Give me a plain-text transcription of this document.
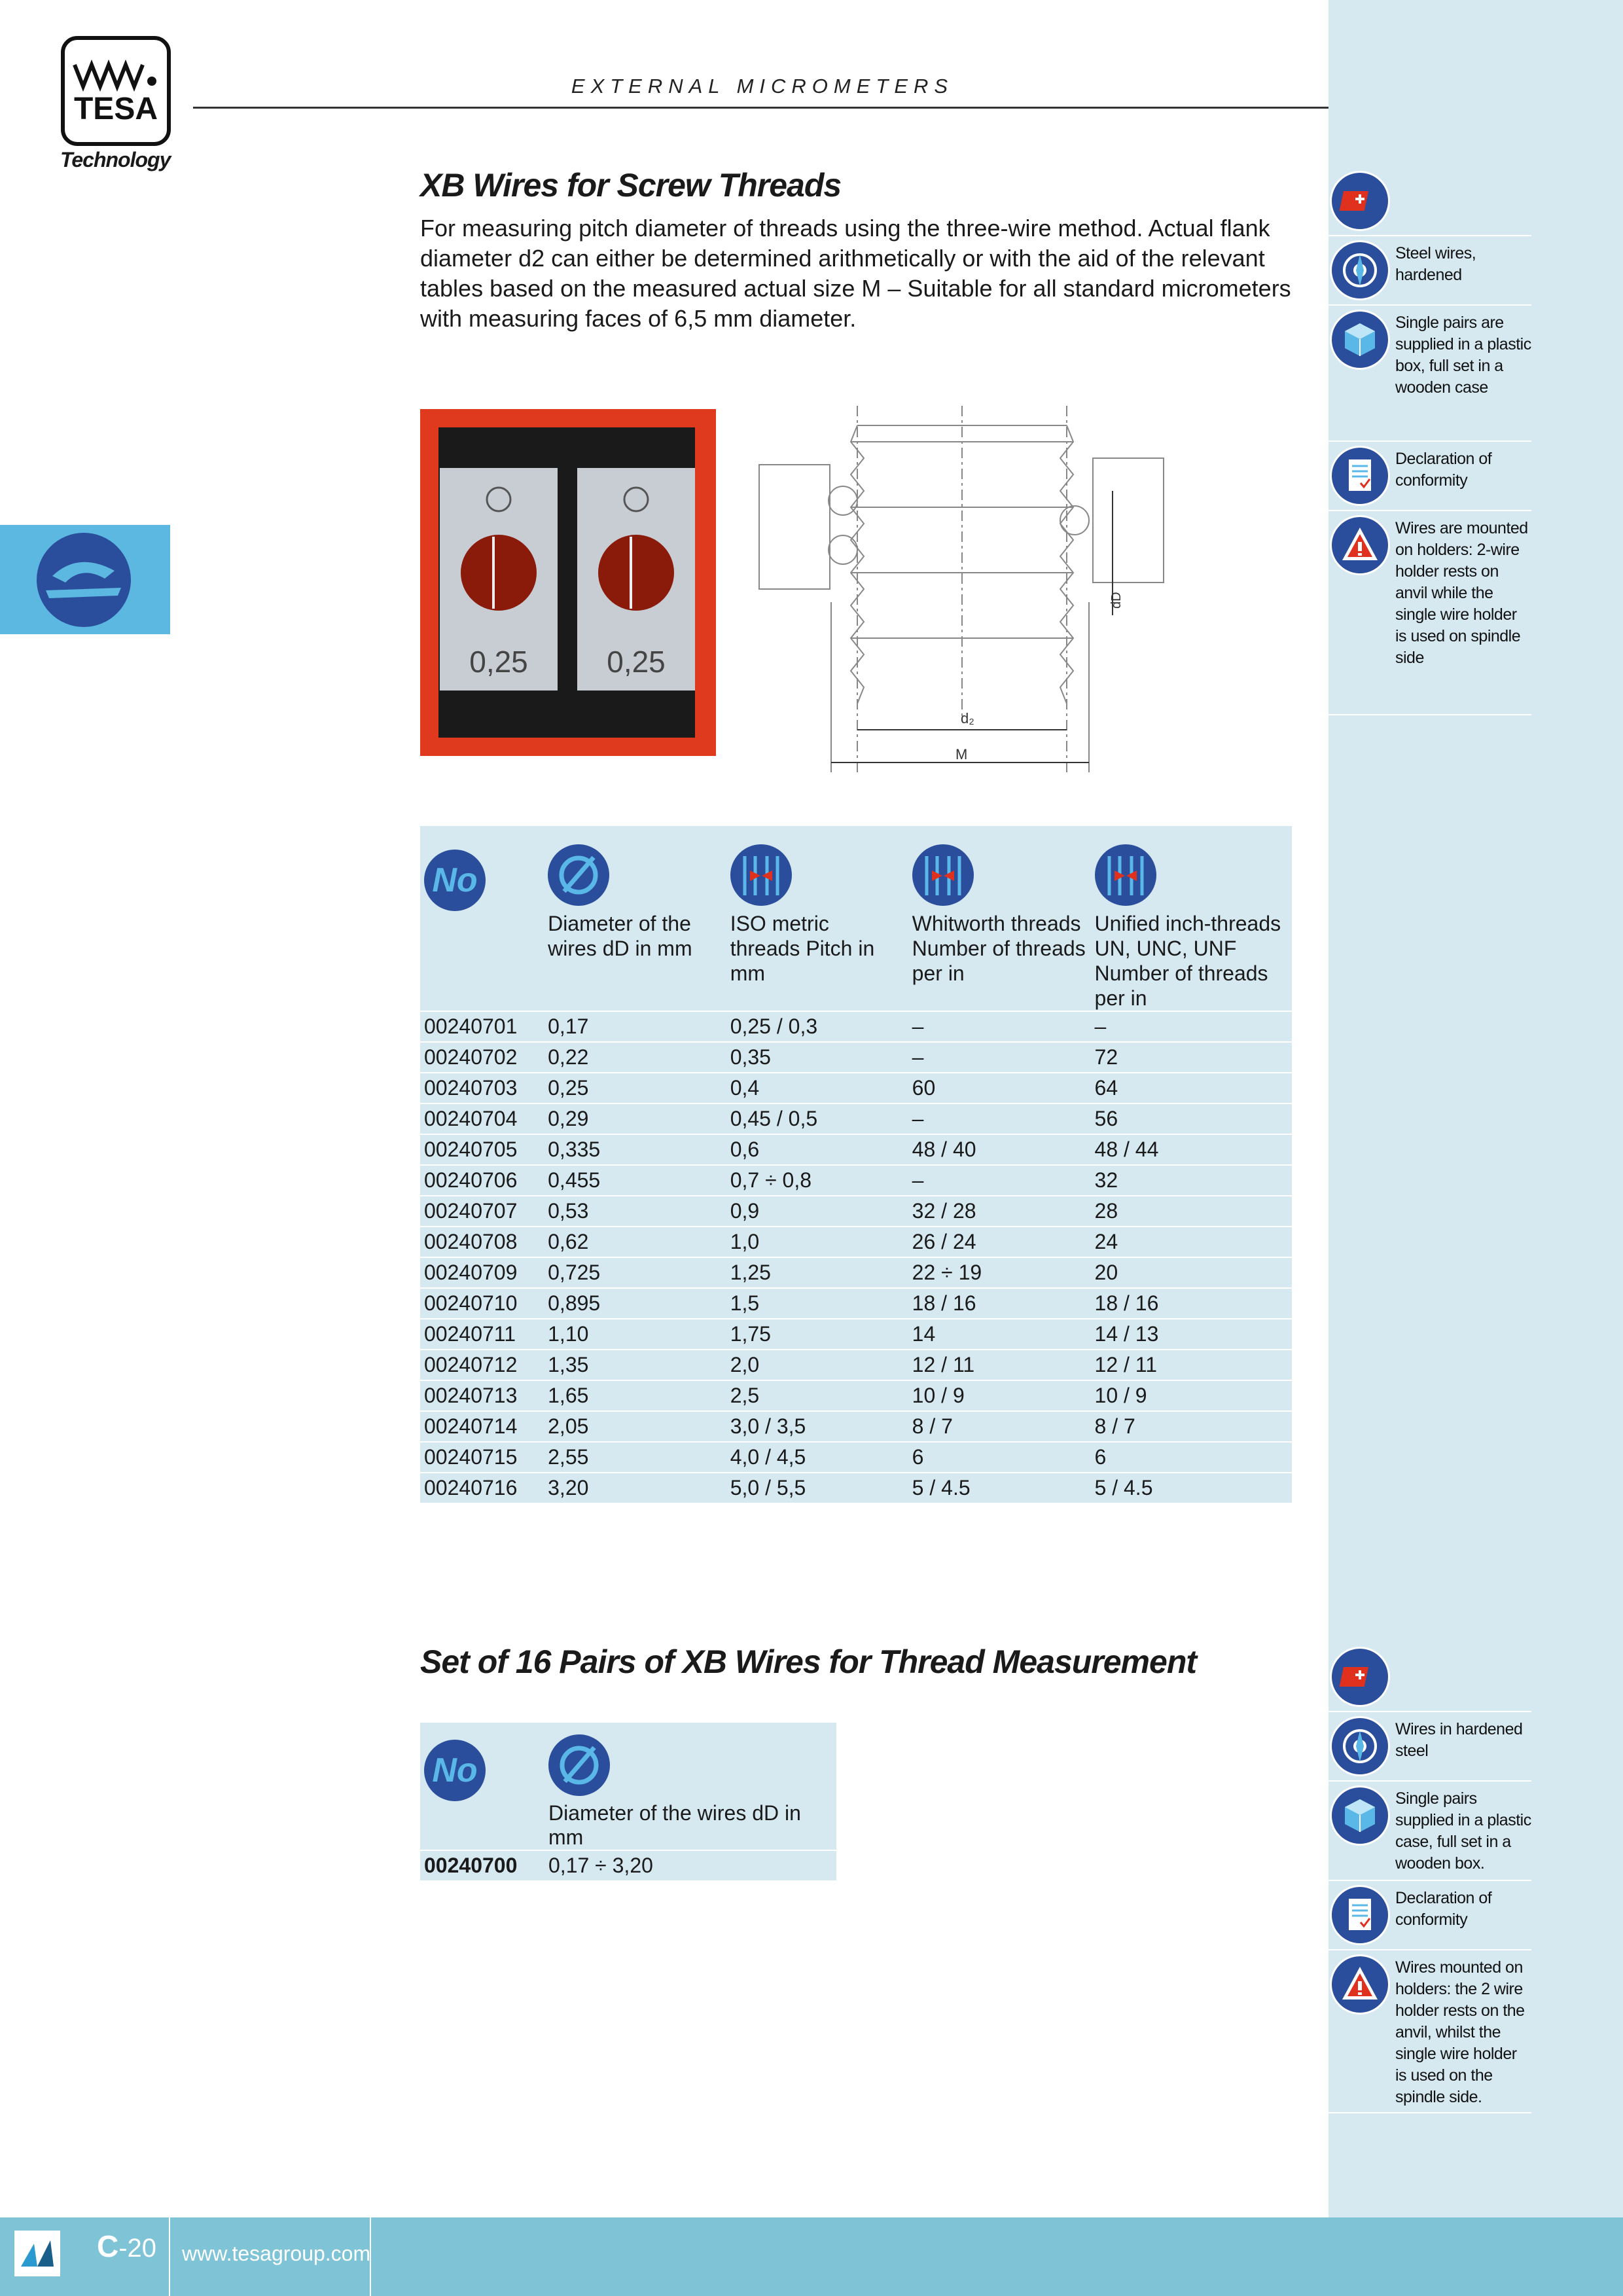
TESA
Technology
EXTERNAL MICROMETERS
XB Wires for Screw Threads
For measuring pitch diameter of threads using the three-wire method. Actual flank diameter d2 can either be determined arithmetically or with the aid of the relevant tables based on the measured actual size M – Suitable for all standard micrometers with measuring faces of 6,5 mm diameter.
0,25	0,25
d₂
M
dD
No

	Diameter of the wires dD in mm	ISO metric threads Pitch in mm	Whitworth threads Number of threads per in	Unified inch-threads UN, UNC, UNF Number of threads per in
00240701	0,17	0,25 / 0,3	–	–
00240702	0,22	0,35	–	72
00240703	0,25	0,4	60	64
00240704	0,29	0,45 / 0,5	–	56
00240705	0,335	0,6	48 / 40	48 / 44
00240706	0,455	0,7 ÷ 0,8	–	32
00240707	0,53	0,9	32 / 28	28
00240708	0,62	1,0	26 / 24	24
00240709	0,725	1,25	22 ÷ 19	20
00240710	0,895	1,5	18 / 16	18 / 16
00240711	1,10	1,75	14	14 / 13
00240712	1,35	2,0	12 / 11	12 / 11
00240713	1,65	2,5	10 / 9	10 / 9
00240714	2,05	3,0 / 3,5	8 / 7	8 / 7
00240715	2,55	4,0 / 4,5	6	6
00240716	3,20	5,0 / 5,5	5 / 4.5	5 / 4.5
Set of 16 Pairs of XB Wires for Thread Measurement
No

	Diameter of the wires dD in mm
00240700	0,17 ÷ 3,20
Steel wires, hardened
Single pairs are supplied in a plastic box, full set in a wooden case
Declaration of conformity
Wires are mounted on holders: 2-wire holder rests on anvil while the single wire holder is used on spindle side
Wires in hardened steel
Single pairs supplied in a plastic case, full set in a wooden box.
Declaration of conformity
Wires mounted on holders: the 2 wire holder rests on the anvil, whilst the single wire holder is used on the spindle side.
C-20 www.tesagroup.com
